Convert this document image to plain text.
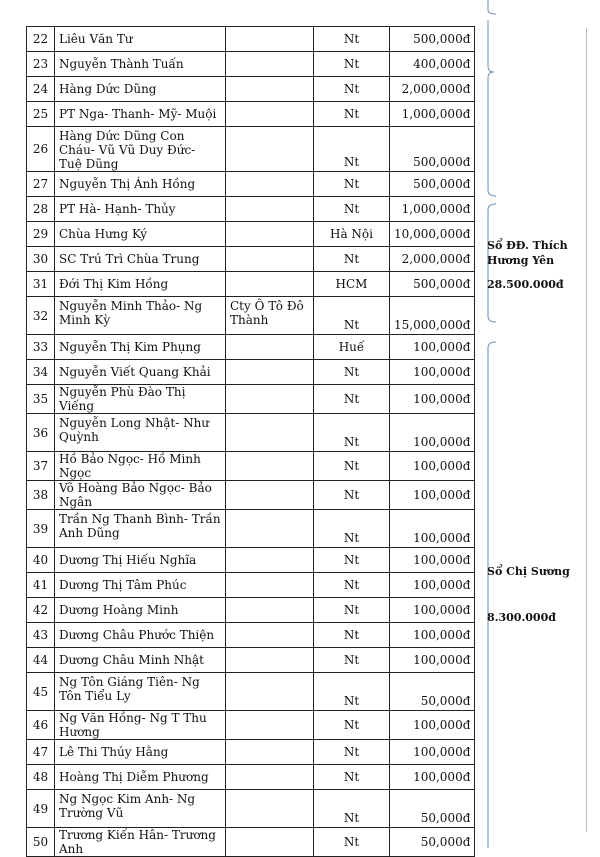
22	Liêu Văn Tư		Nt	500,000đ
23	Nguyễn Thành Tuấn		Nt	400,000đ
24	Hàng Dức Dũng		Nt	2,000,000đ
25	PT Nga- Thanh- Mỹ- Muội		Nt	1,000,000đ
26	Hàng Dức Dũng Con Cháu- Vũ Vũ Duy Đức- Tuệ Dũng		Nt	500,000đ
27	Nguyễn Thị Ánh Hồng		Nt	500,000đ
28	PT Hà- Hạnh- Thủy		Nt	1,000,000đ
29	Chùa Hưng Ký		Hà Nội	10,000,000đ
30	SC Trú Trì Chùa Trung		Nt	2,000,000đ
31	Đới Thị Kim Hồng		HCM	500,000đ
32	Nguyễn Minh Thảo- Ng Minh Kỳ	Cty Ô Tô Đô Thành	Nt	15,000,000đ
33	Nguyễn Thị Kim Phụng		Huế	100,000đ
34	Nguyễn Viết Quang Khải		Nt	100,000đ
35	Nguyễn Phù Đào Thị Viếng		Nt	100,000đ
36	Nguyễn Long Nhật- Như Quỳnh		Nt	100,000đ
37	Hồ Bảo Ngọc- Hồ Minh Ngọc		Nt	100,000đ
38	Võ Hoàng Bảo Ngọc- Bảo Ngân		Nt	100,000đ
39	Trần Ng Thanh Bình- Trần Anh Dũng		Nt	100,000đ
40	Dương Thị Hiếu Nghĩa		Nt	100,000đ
41	Dương Thị Tâm Phúc		Nt	100,000đ
42	Dương Hoàng Minh		Nt	100,000đ
43	Dương Châu Phước Thiện		Nt	100,000đ
44	Dương Châu Minh Nhật		Nt	100,000đ
45	Ng Tôn Giáng Tiên- Ng Tôn Tiểu Ly		Nt	50,000đ
46	Ng Văn Hồng- Ng T Thu Hương		Nt	100,000đ
47	Lê Thi Thúy Hằng		Nt	100,000đ
48	Hoàng Thị Diễm Phương		Nt	100,000đ
49	Ng Ngọc Kim Anh- Ng Trường Vũ		Nt	50,000đ
50	Trương Kiến Hân- Trương Anh		Nt	50,000đ
Sổ ĐĐ. Thích
Hương Yên
28.500.000đ
Sổ Chị Sương
8.300.000đ
